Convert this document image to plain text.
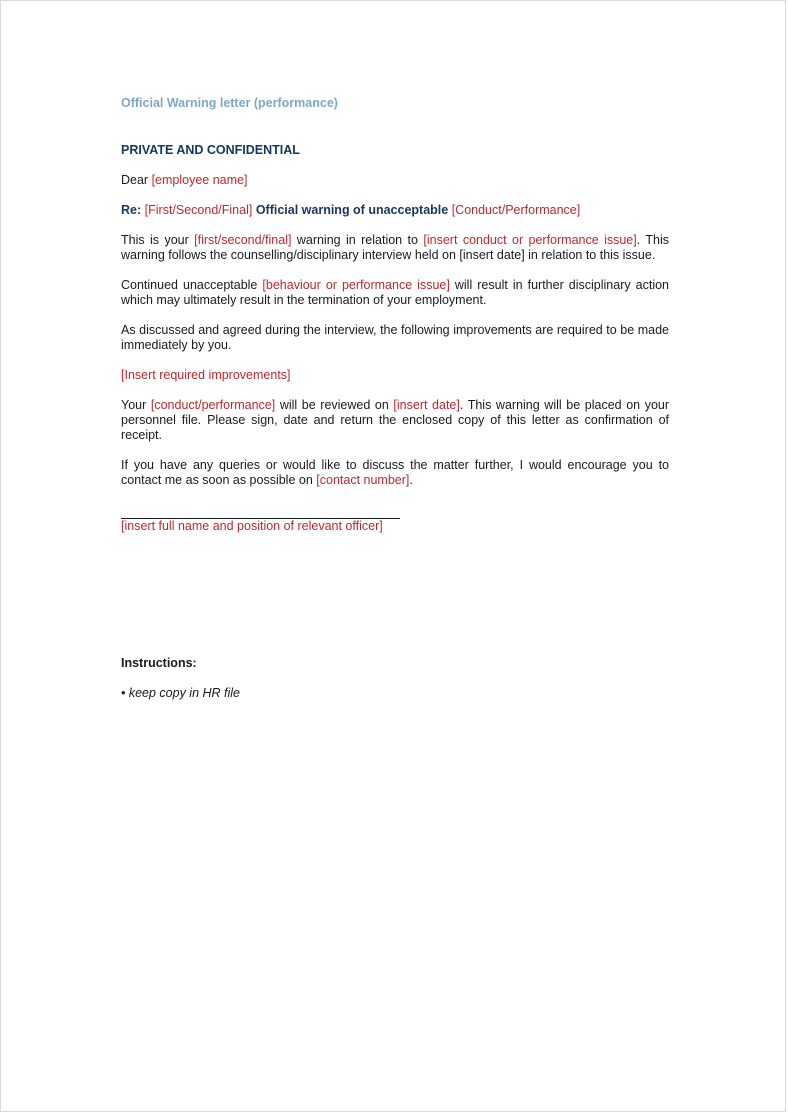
Official Warning letter (performance)
PRIVATE AND CONFIDENTIAL
Dear [employee name]
Re: [First/Second/Final] Official warning of unacceptable [Conduct/Performance]

This is your [first/second/final] warning in relation to [insert conduct or performance issue]. This warning follows the counselling/disciplinary interview held on [insert date] in relation to this issue.

Continued unacceptable [behaviour or performance issue] will result in further disciplinary action which may ultimately result in the termination of your employment.

As discussed and agreed during the interview, the following improvements are required to be made immediately by you.

[Insert required improvements]

Your [conduct/performance] will be reviewed on [insert date]. This warning will be placed on your personnel file. Please sign, date and return the enclosed copy of this letter as confirmation of receipt.

If you have any queries or would like to discuss the matter further, I would encourage you to contact me as soon as possible on [contact number].

[insert full name and position of relevant officer]
Instructions:
• keep copy in HR file
